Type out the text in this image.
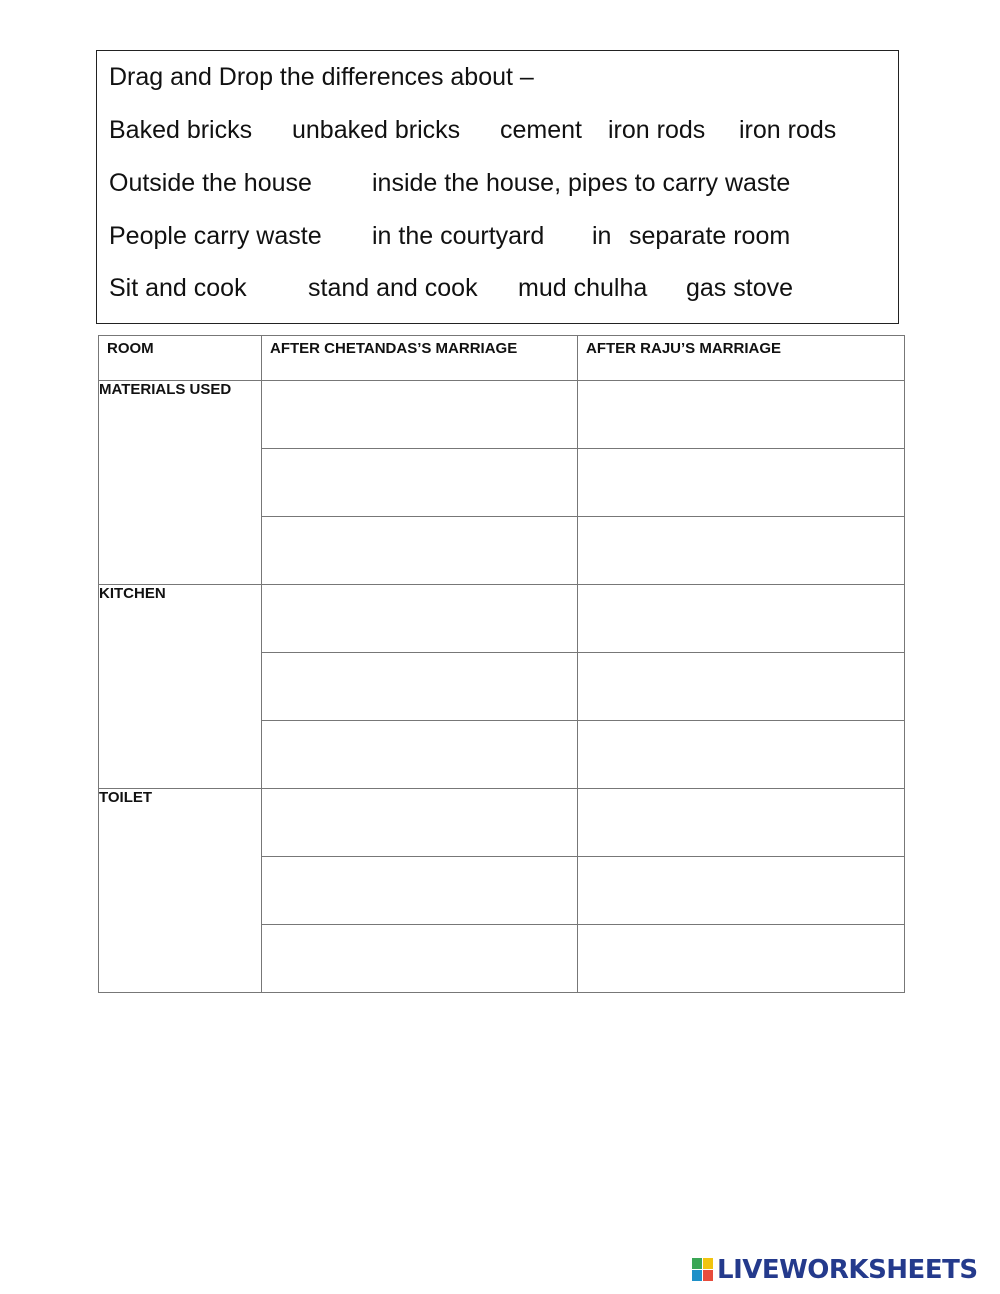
Drag and Drop the differences about –
Baked bricks unbaked bricks cement iron rods iron rods
Outside the house inside the house, pipes to carry waste
People carry waste in the courtyard in separate room
Sit and cook stand and cook mud chulha gas stove
ROOM	AFTER CHETANDAS’S MARRIAGE	AFTER RAJU’S MARRIAGE
MATERIALS USED		

KITCHEN		

TOILET		

LIVEWORKSHEETS
